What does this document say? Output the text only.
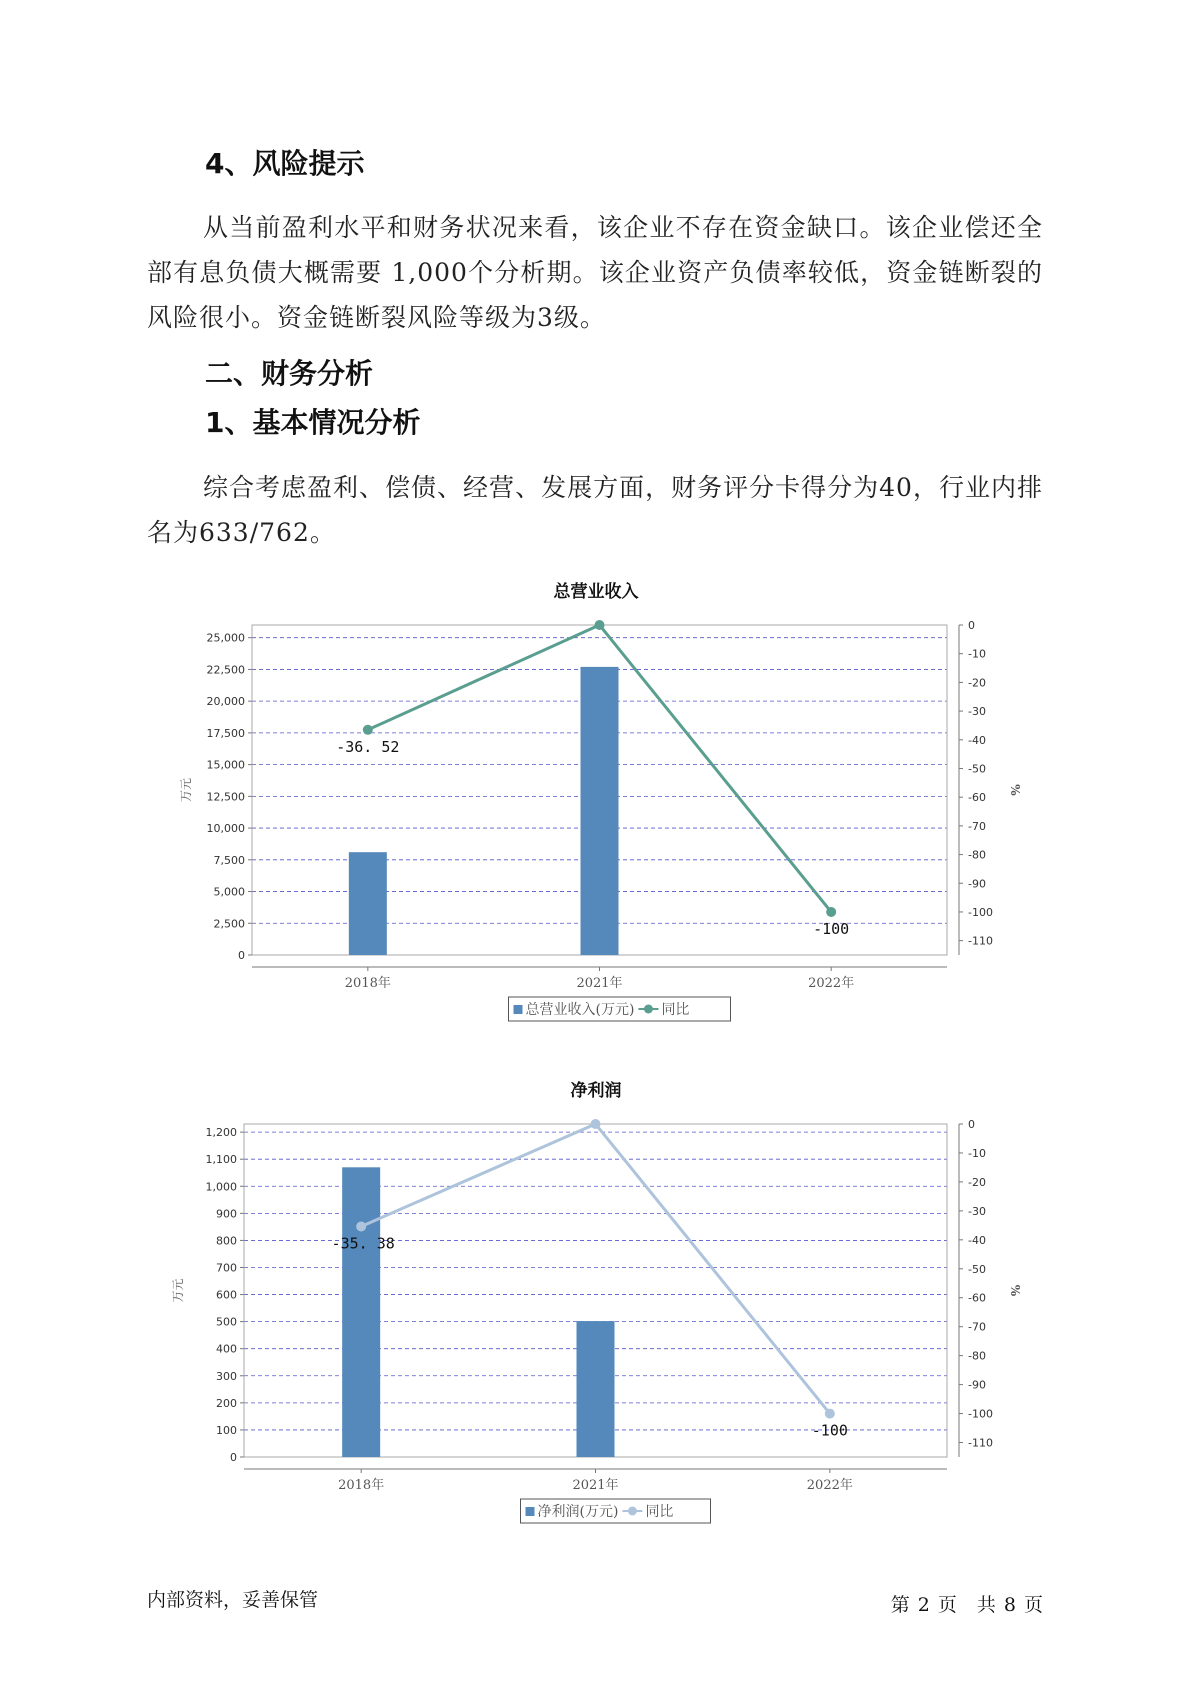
4、风险提示

从当前盈利水平和财务状况来看，该企业不存在资金缺口。该企业偿还全部有息负债大概需要 1,000个分析期。该企业资产负债率较低，资金链断裂的风险很小。资金链断裂风险等级为3级。

二、财务分析
1、基本情况分析

综合考虑盈利、偿债、经营、发展方面，财务评分卡得分为40，行业内排名为633/762。

总营业收入
0
2,500
5,000
7,500
10,000
12,500
15,000
17,500
20,000
22,500
25,000
0
-10
-20
-30
-40
-50
-60
-70
-80
-90
-100
-110
万元	%
2018年	2021年	2022年
-36. 52
-100
总营业收入(万元) 同比
净利润
0
100
200
300
400
500
600
700
800
900
1,000
1,100
1,200
0
-10
-20
-30
-40
-50
-60
-70
-80
-90
-100
-110
万元	%
2018年	2021年	2022年
-35. 38
-100
净利润(万元) 同比
内部资料，妥善保管	第 2 页 共 8 页
